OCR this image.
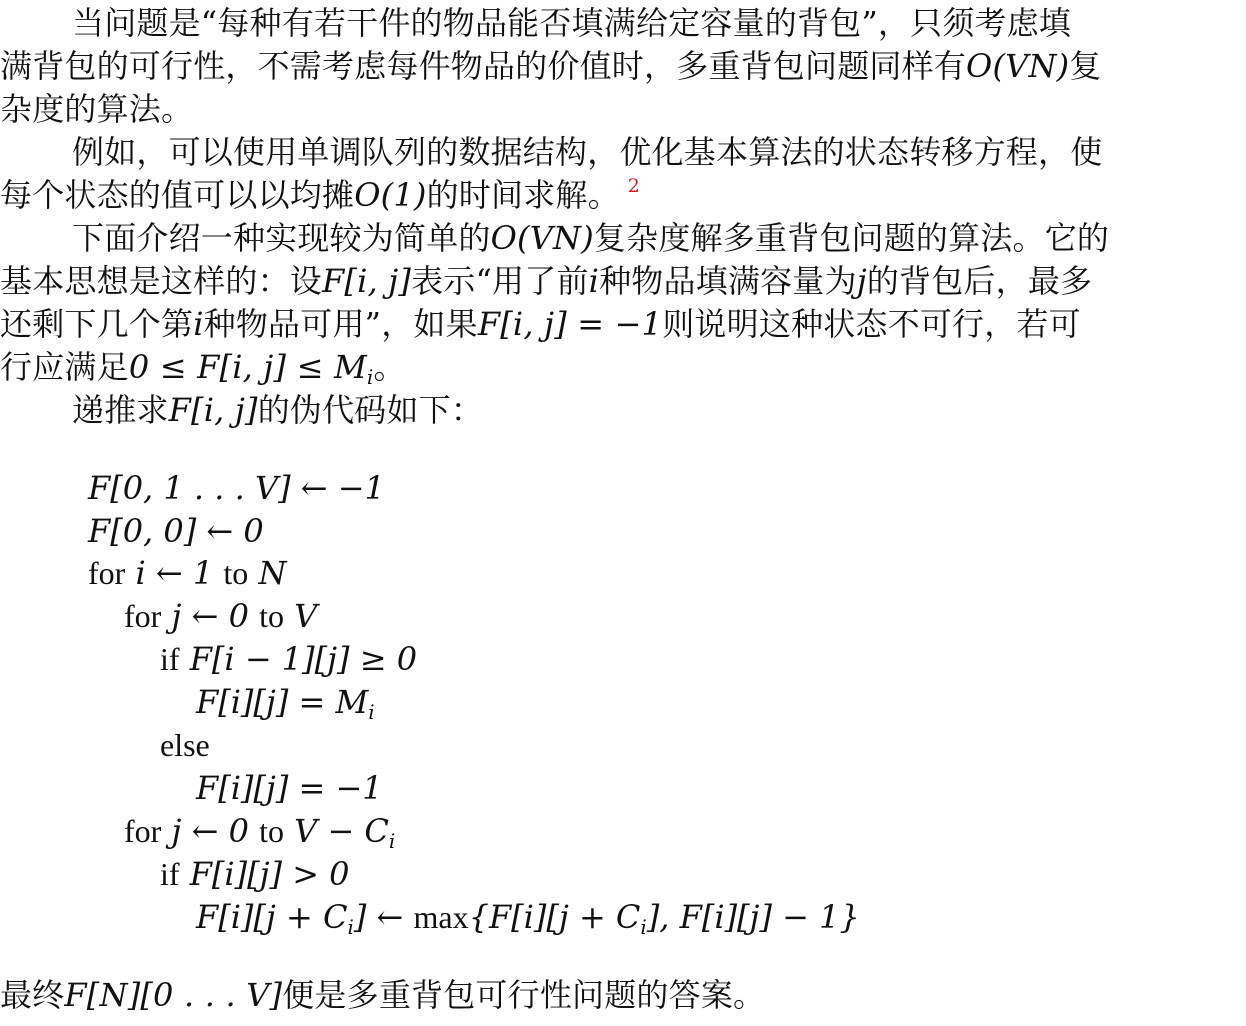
当问题是“每种有若干件的物品能否填满给定容量的背包”，只须考虑填
满背包的可行性，不需考虑每件物品的价值时，多重背包问题同样有O(VN)复
杂度的算法。
例如，可以使用单调队列的数据结构，优化基本算法的状态转移方程，使
每个状态的值可以以均摊O(1)的时间求解。 $^2$
下面介绍一种实现较为简单的O(VN)复杂度解多重背包问题的算法。它的
基本思想是这样的：设F[i, j]表示“用了前i种物品填满容量为j的背包后，最多
还剩下几个第i种物品可用”，如果F[i, j] = −1则说明这种状态不可行，若可
行应满足0 ≤ F[i, $j] \le M_i$。
递推求F[i, j]的伪代码如下：
F[0, 1 . . . V] ← −1
F[0, 0] ← 0
for i ← 1 to N
for j ← 0 to V
if F[i − 1][j] ≥ 0
$F[i][j] = M_i$
else
F[i][j] = −1
for j ← 0 to $V - C_i$
if F[i][j] > 0
$F[i][j + C_i]$ ← $\max\{F[i][j + C_i]$, F[i][j] − 1}
最终F[N][0 . . . V]便是多重背包可行性问题的答案。
